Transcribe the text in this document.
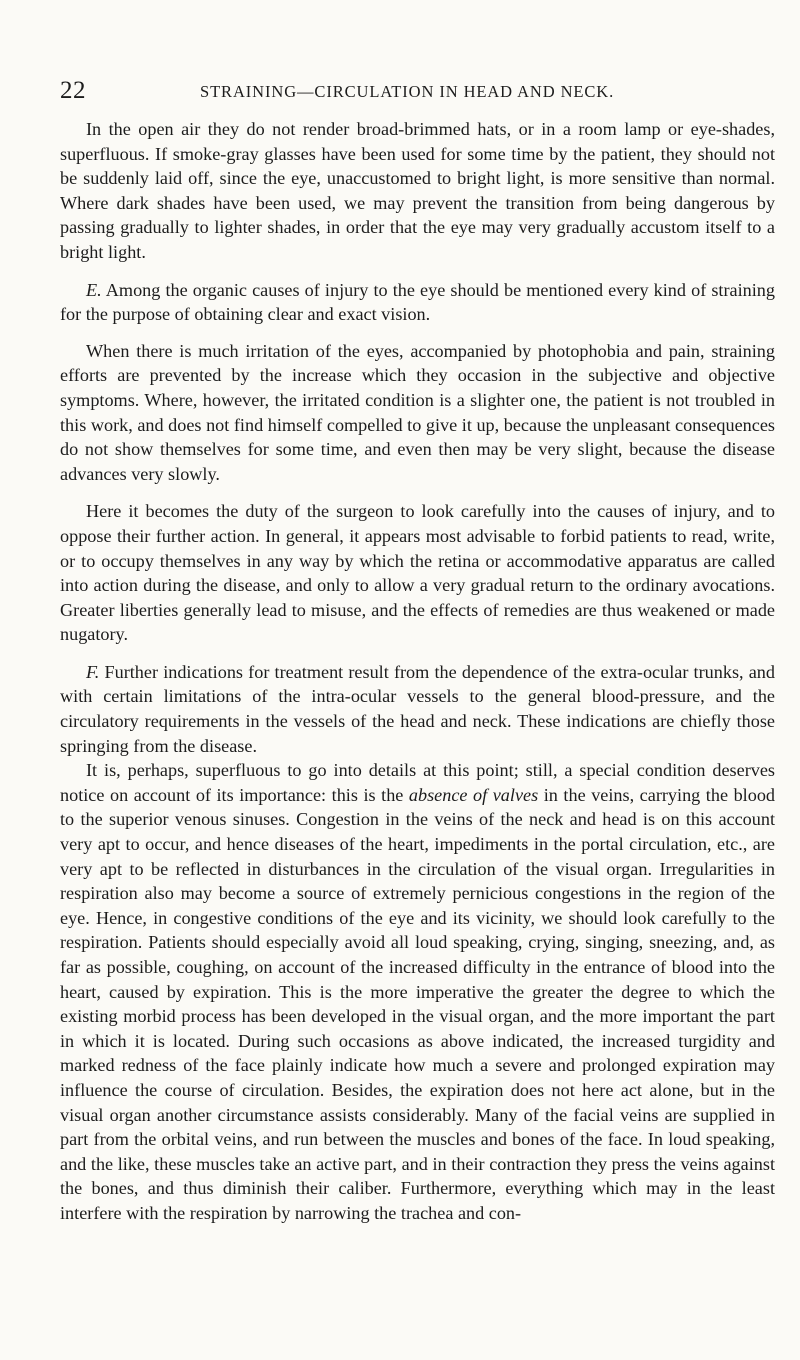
22	STRAINING—CIRCULATION IN HEAD AND NECK.

In the open air they do not render broad-brimmed hats, or in a room lamp or eye-shades, superfluous. If smoke-gray glasses have been used for some time by the patient, they should not be suddenly laid off, since the eye, unaccustomed to bright light, is more sensitive than normal. Where dark shades have been used, we may prevent the transition from being dangerous by passing gradually to lighter shades, in order that the eye may very gradually accustom itself to a bright light.

E. Among the organic causes of injury to the eye should be mentioned every kind of straining for the purpose of obtaining clear and exact vision.

When there is much irritation of the eyes, accompanied by photophobia and pain, straining efforts are prevented by the increase which they occasion in the subjective and objective symptoms. Where, however, the irritated condition is a slighter one, the patient is not troubled in this work, and does not find himself compelled to give it up, because the unpleasant consequences do not show themselves for some time, and even then may be very slight, because the disease advances very slowly.

Here it becomes the duty of the surgeon to look carefully into the causes of injury, and to oppose their further action. In general, it appears most advisable to forbid patients to read, write, or to occupy themselves in any way by which the retina or accommodative apparatus are called into action during the disease, and only to allow a very gradual return to the ordinary avocations. Greater liberties generally lead to misuse, and the effects of remedies are thus weakened or made nugatory.

F. Further indications for treatment result from the dependence of the extra-ocular trunks, and with certain limitations of the intra-ocular vessels to the general blood-pressure, and the circulatory requirements in the vessels of the head and neck. These indications are chiefly those springing from the disease.

It is, perhaps, superfluous to go into details at this point; still, a special condition deserves notice on account of its importance: this is the absence of valves in the veins, carrying the blood to the superior venous sinuses. Congestion in the veins of the neck and head is on this account very apt to occur, and hence diseases of the heart, impediments in the portal circulation, etc., are very apt to be reflected in disturbances in the circulation of the visual organ. Irregularities in respiration also may become a source of extremely pernicious congestions in the region of the eye. Hence, in congestive conditions of the eye and its vicinity, we should look carefully to the respiration. Patients should especially avoid all loud speaking, crying, singing, sneezing, and, as far as possible, coughing, on account of the increased difficulty in the entrance of blood into the heart, caused by expiration. This is the more imperative the greater the degree to which the existing morbid process has been developed in the visual organ, and the more important the part in which it is located. During such occasions as above indicated, the increased turgidity and marked redness of the face plainly indicate how much a severe and prolonged expiration may influence the course of circulation. Besides, the expiration does not here act alone, but in the visual organ another circumstance assists considerably. Many of the facial veins are supplied in part from the orbital veins, and run between the muscles and bones of the face. In loud speaking, and the like, these muscles take an active part, and in their contraction they press the veins against the bones, and thus diminish their caliber. Furthermore, everything which may in the least interfere with the respiration by narrowing the trachea and con-
